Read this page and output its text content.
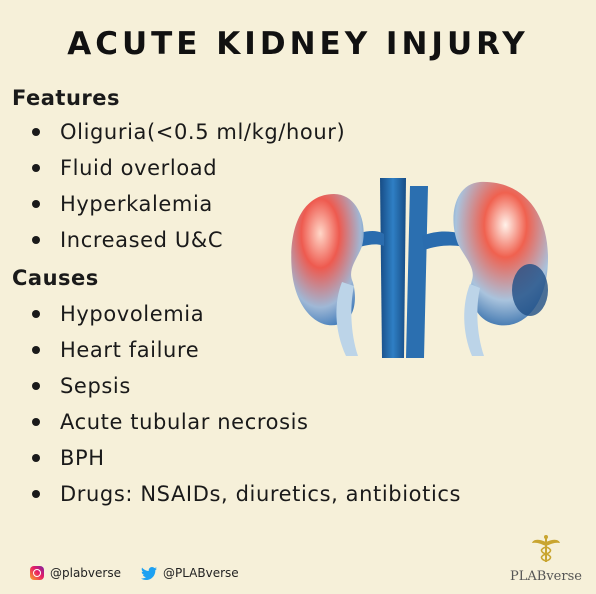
ACUTE KIDNEY INJURY
Features
Oliguria(<0.5 ml/kg/hour)
Fluid overload
Hyperkalemia
Increased U&C
Causes
Hypovolemia
Heart failure
Sepsis
Acute tubular necrosis
BPH
Drugs: NSAIDs, diuretics, antibiotics
@plabverse	@PLABverse	PLABverse
